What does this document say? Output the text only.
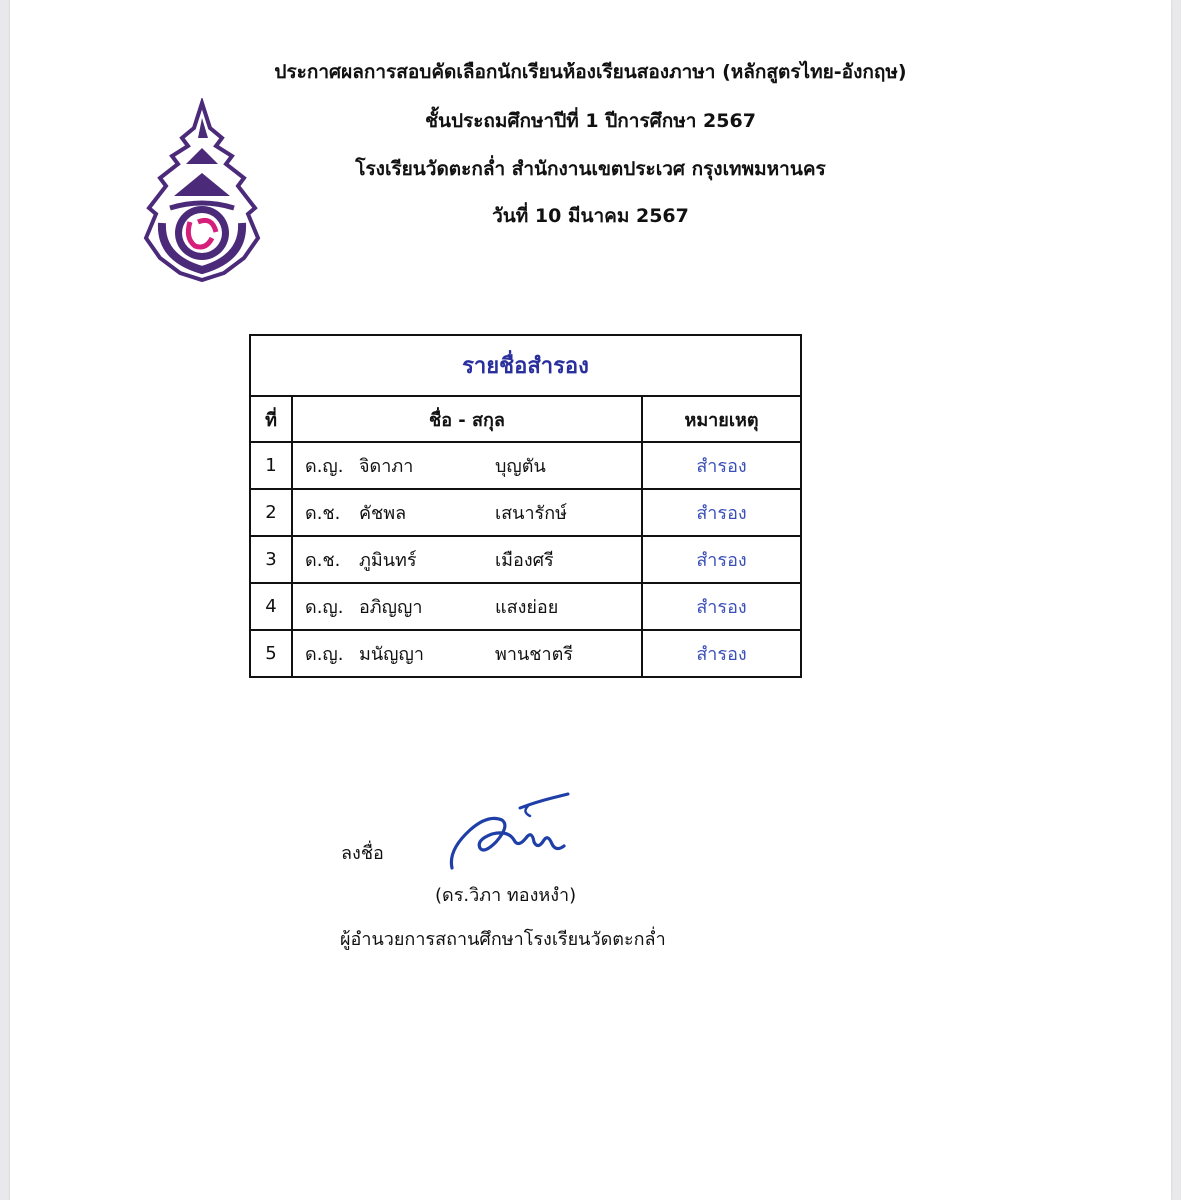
ประกาศผลการสอบคัดเลือกนักเรียนห้องเรียนสองภาษา (หลักสูตรไทย-อังกฤษ)
ชั้นประถมศึกษาปีที่ 1 ปีการศึกษา 2567
โรงเรียนวัดตะกล่ำ สำนักงานเขตประเวศ กรุงเทพมหานคร
วันที่ 10 มีนาคม 2567
รายชื่อสำรอง		
ที่	ชื่อ - สกุล	หมายเหตุ
1	ด.ญ. จิดาภา บุญตัน	สำรอง
2	ด.ช. คัชพล เสนารักษ์	สำรอง
3	ด.ช. ภูมินทร์ เมืองศรี	สำรอง
4	ด.ญ. อภิญญา แสงย่อย	สำรอง
5	ด.ญ. มนัญญา พานชาตรี	สำรอง
ลงชื่อ
(ดร.วิภา ทองหงำ)
ผู้อำนวยการสถานศึกษาโรงเรียนวัดตะกล่ำ
